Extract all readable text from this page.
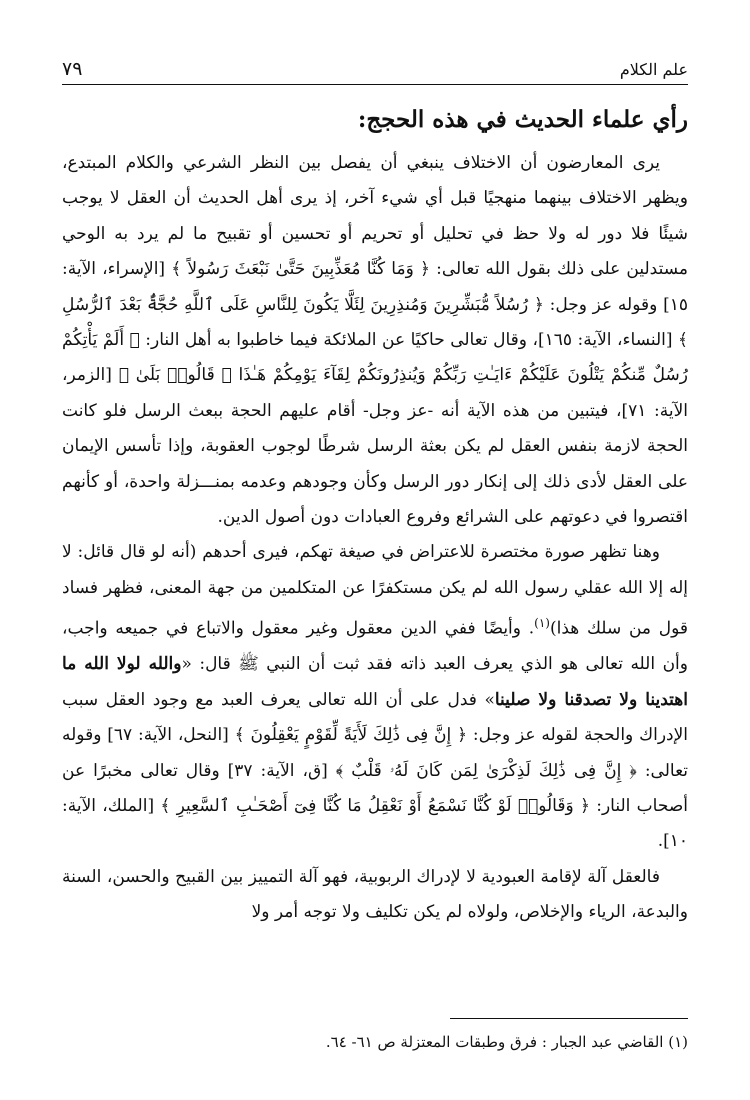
علم الكلام
٧٩
رأي علماء الحديث في هذه الحجج:

يرى المعارضون أن الاختلاف ينبغي أن يفصل بين النظر الشرعي والكلام المبتدع، ويظهر الاختلاف بينهما منهجيًا قبل أي شيء آخر، إذ يرى أهل الحديث أن العقل لا يوجب شيئًا فلا دور له ولا حظ في تحليل أو تحريم أو تحسين أو تقبيح ما لم يرد به الوحي مستدلين على ذلك بقول الله تعالى: ﴿ وَمَا كُنَّا مُعَذِّبِينَ حَتَّىٰ نَبْعَثَ رَسُولاً ﴾ [الإسراء، الآية: ١٥] وقوله عز وجل: ﴿ رُسُلاً مُّبَشِّرِينَ وَمُنذِرِينَ لِئَلَّا يَكُونَ لِلنَّاسِ عَلَى ٱللَّهِ حُجَّةٌۢ بَعْدَ ٱلرُّسُلِ ﴾ [النساء، الآية: ١٦٥]، وقال تعالى حاكيًا عن الملائكة فيما خاطبوا به أهل النار: ﴿ أَلَمْ يَأْتِكُمْ رُسُلٌ مِّنكُمْ يَتْلُونَ عَلَيْكُمْ ءَايَـٰتِ رَبِّكُمْ وَيُنذِرُونَكُمْ لِقَآءَ يَوْمِكُمْ هَـٰذَا ۚ قَالُوا۟ بَلَىٰ ﴾ [الزمر، الآية: ٧١]، فيتبين من هذه الآية أنه -عز وجل- أقام عليهم الحجة ببعث الرسل فلو كانت الحجة لازمة بنفس العقل لم يكن بعثة الرسل شرطًا لوجوب العقوبة، وإذا تأسس الإيمان على العقل لأدى ذلك إلى إنكار دور الرسل وكأن وجودهم وعدمه بمنـــزلة واحدة، أو كأنهم اقتصروا في دعوتهم على الشرائع وفروع العبادات دون أصول الدين.

وهنا تظهر صورة مختصرة للاعتراض في صيغة تهكم، فيرى أحدهم (أنه لو قال قائل: لا إله إلا الله عقلي رسول الله لم يكن مستكفرًا عن المتكلمين من جهة المعنى، فظهر فساد قول من سلك هذا)$^{(١)}$. وأيضًا ففي الدين معقول وغير معقول والاتباع في جميعه واجب، وأن الله تعالى هو الذي يعرف العبد ذاته فقد ثبت أن النبي ﷺ قال: «والله لولا الله ما اهتدينا ولا تصدقنا ولا صلينا» فدل على أن الله تعالى يعرف العبد مع وجود العقل سبب الإدراك والحجة لقوله عز وجل: ﴿ إِنَّ فِى ذَٰلِكَ لَأَيَةً لِّقَوْمٍ يَعْقِلُونَ ﴾ [النحل، الآية: ٦٧] وقوله تعالى: ﴿ إِنَّ فِى ذَٰلِكَ لَذِكْرَىٰ لِمَن كَانَ لَهُۥ قَلْبٌ ﴾ [ق، الآية: ٣٧] وقال تعالى مخبرًا عن أصحاب النار: ﴿ وَقَالُوا۟ لَوْ كُنَّا نَسْمَعُ أَوْ نَعْقِلُ مَا كُنَّا فِىٓ أَصْحَـٰبِ ٱلسَّعِيرِ ﴾ [الملك، الآية: ١٠].

فالعقل آلة لإقامة العبودية لا لإدراك الربوبية، فهو آلة التمييز بين القبيح والحسن، السنة والبدعة، الرياء والإخلاص، ولولاه لم يكن تكليف ولا توجه أمر ولا

(١) القاضي عبد الجبار : فرق وطبقات المعتزلة ص ٦١- ٦٤.
